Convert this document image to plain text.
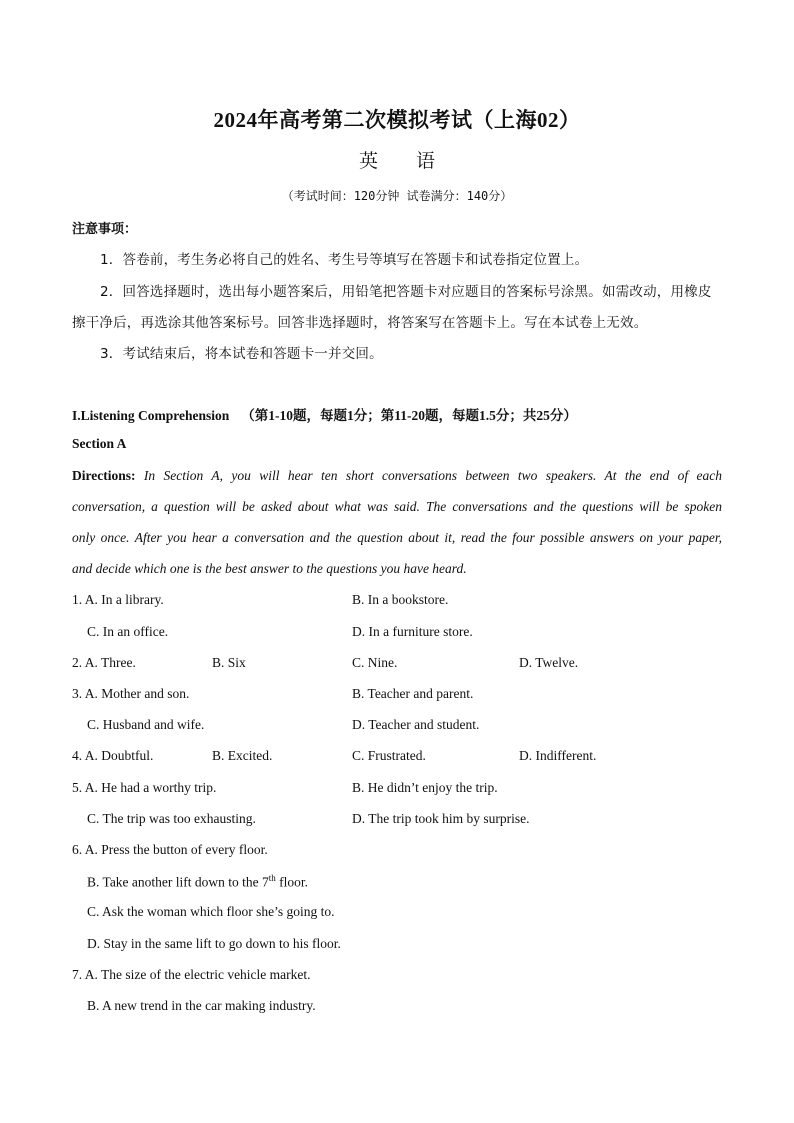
2024年高考第二次模拟考试（上海02）
英 语
（考试时间：120分钟 试卷满分：140分）
注意事项：
1．答卷前，考生务必将自己的姓名、考生号等填写在答题卡和试卷指定位置上。
2．回答选择题时，选出每小题答案后，用铅笔把答题卡对应题目的答案标号涂黑。如需改动，用橡皮
擦干净后，再选涂其他答案标号。回答非选择题时，将答案写在答题卡上。写在本试卷上无效。
3．考试结束后，将本试卷和答题卡一并交回。
I.Listening Comprehension （第1-10题，每题1分；第11-20题，每题1.5分；共25分）
Section A
Directions: In Section A, you will hear ten short conversations between two speakers. At the end of each
conversation, a question will be asked about what was said. The conversations and the questions will be spoken
only once. After you hear a conversation and the question about it, read the four possible answers on your paper,
and decide which one is the best answer to the questions you have heard.
1. A. In a library.	B. In a bookstore.
C. In an office.	D. In a furniture store.
2. A. Three.	B. Six	C. Nine.	D. Twelve.
3. A. Mother and son.	B. Teacher and parent.
C. Husband and wife.	D. Teacher and student.
4. A. Doubtful.	B. Excited.	C. Frustrated.	D. Indifferent.
5. A. He had a worthy trip.	B. He didn’t enjoy the trip.
C. The trip was too exhausting.	D. The trip took him by surprise.
6. A. Press the button of every floor.
B. Take another lift down to the 7th floor.
C. Ask the woman which floor she’s going to.
D. Stay in the same lift to go down to his floor.
7. A. The size of the electric vehicle market.
B. A new trend in the car making industry.
